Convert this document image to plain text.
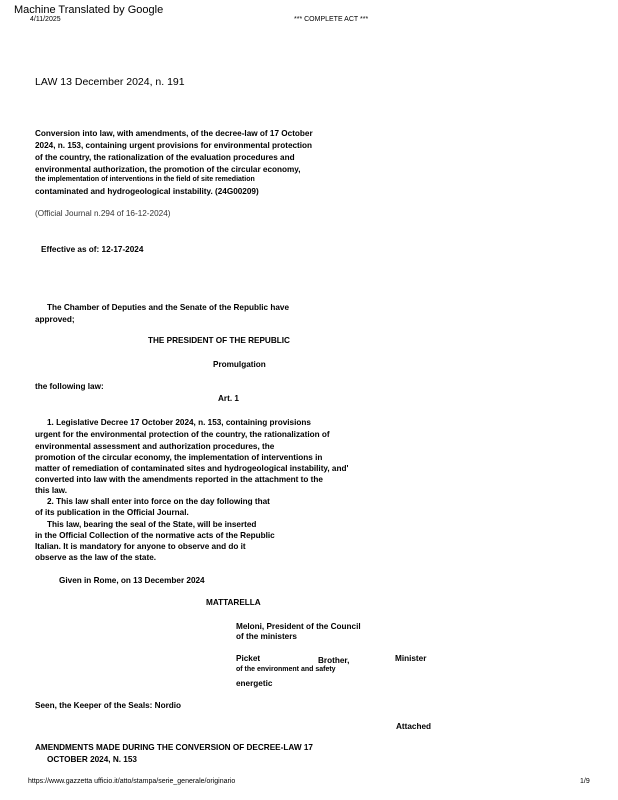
Machine Translated by Google
4/11/2025	*** COMPLETE ACT ***
LAW 13 December 2024, n. 191
Conversion into law, with amendments, of the decree-law of 17 October
2024, n. 153, containing urgent provisions for environmental protection
of the country, the rationalization of the evaluation procedures and
environmental authorization, the promotion of the circular economy,
the implementation of interventions in the field of site remediation
contaminated and hydrogeological instability. (24G00209)
(Official Journal n.294 of 16-12-2024)
Effective as of: 12-17-2024
The Chamber of Deputies and the Senate of the Republic have
approved;
THE PRESIDENT OF THE REPUBLIC
Promulgation
the following law:
Art. 1
1. Legislative Decree 17 October 2024, n. 153, containing provisions
urgent for the environmental protection of the country, the rationalization of
environmental assessment and authorization procedures, the
promotion of the circular economy, the implementation of interventions in
matter of remediation of contaminated sites and hydrogeological instability, and'
converted into law with the amendments reported in the attachment to the
this law.
2. This law shall enter into force on the day following that
of its publication in the Official Journal.
This law, bearing the seal of the State, will be inserted
in the Official Collection of the normative acts of the Republic
Italian. It is mandatory for anyone to observe and do it
observe as the law of the state.
Given in Rome, on 13 December 2024
MATTARELLA
Meloni, President of the Council
of the ministers
Picket	Brother,	Minister
of the environment and safety
energetic
Seen, the Keeper of the Seals: Nordio
Attached
AMENDMENTS MADE DURING THE CONVERSION OF DECREE-LAW 17
OCTOBER 2024, N. 153
https://www.gazzetta ufficio.it/atto/stampa/serie_generale/originario	1/9
